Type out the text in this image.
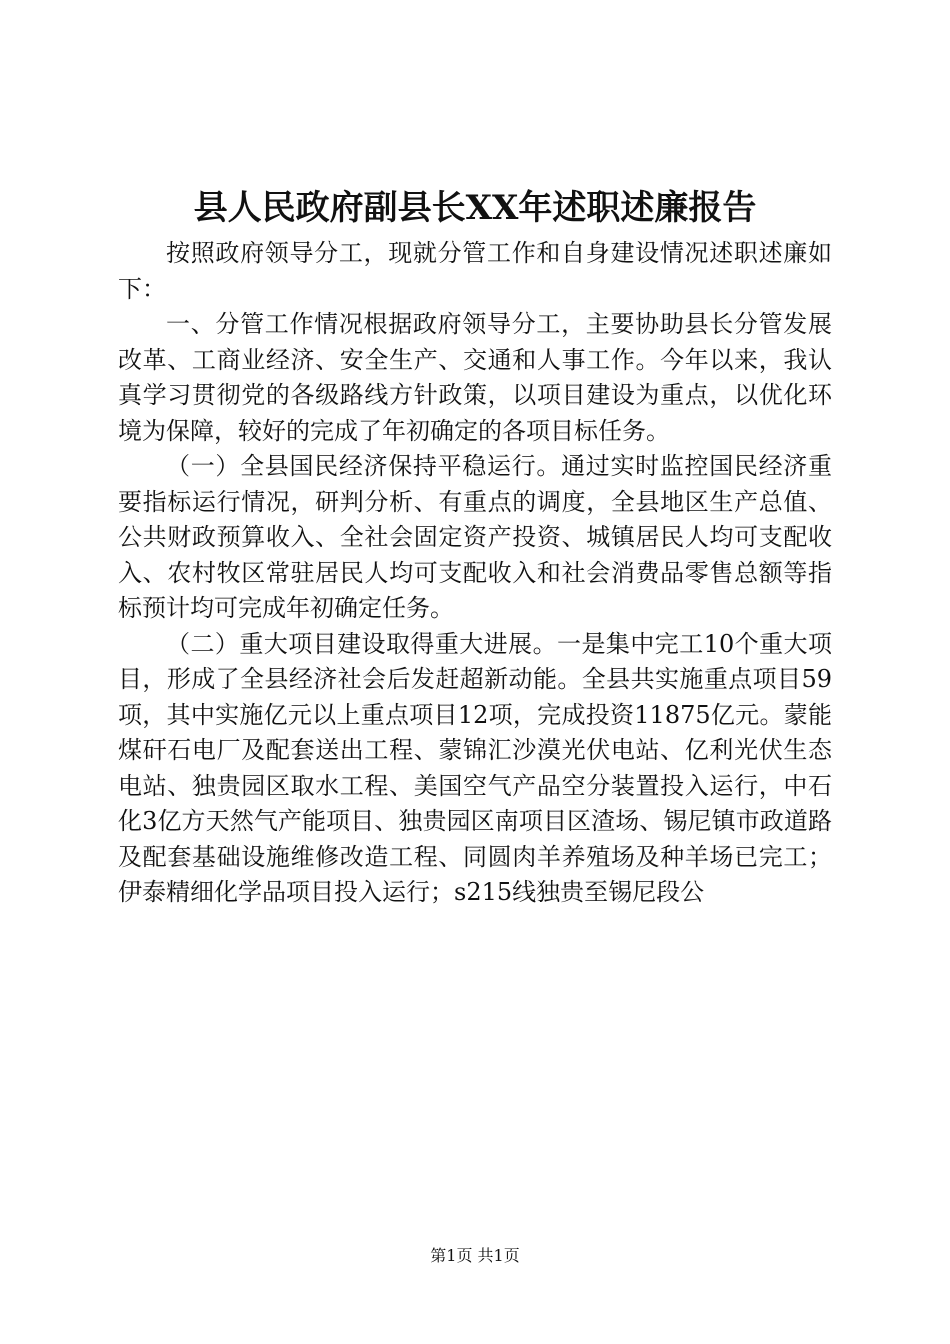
县人民政府副县长XX年述职述廉报告

按照政府领导分工，现就分管工作和自身建设情况述职述廉如下：

一、分管工作情况根据政府领导分工，主要协助县长分管发展改革、工商业经济、安全生产、交通和人事工作。今年以来，我认真学习贯彻党的各级路线方针政策，以项目建设为重点，以优化环境为保障，较好的完成了年初确定的各项目标任务。

（一）全县国民经济保持平稳运行。通过实时监控国民经济重要指标运行情况，研判分析、有重点的调度，全县地区生产总值、公共财政预算收入、全社会固定资产投资、城镇居民人均可支配收入、农村牧区常驻居民人均可支配收入和社会消费品零售总额等指标预计均可完成年初确定任务。

（二）重大项目建设取得重大进展。一是集中完工10个重大项目，形成了全县经济社会后发赶超新动能。全县共实施重点项目59项，其中实施亿元以上重点项目12项，完成投资11875亿元。蒙能煤矸石电厂及配套送出工程、蒙锦汇沙漠光伏电站、亿利光伏生态电站、独贵园区取水工程、美国空气产品空分装置投入运行，中石化3亿方天然气产能项目、独贵园区南项目区渣场、锡尼镇市政道路及配套基础设施维修改造工程、同圆肉羊养殖场及种羊场已完工；伊泰精细化学品项目投入运行；s215线独贵至锡尼段公

第1页 共1页
